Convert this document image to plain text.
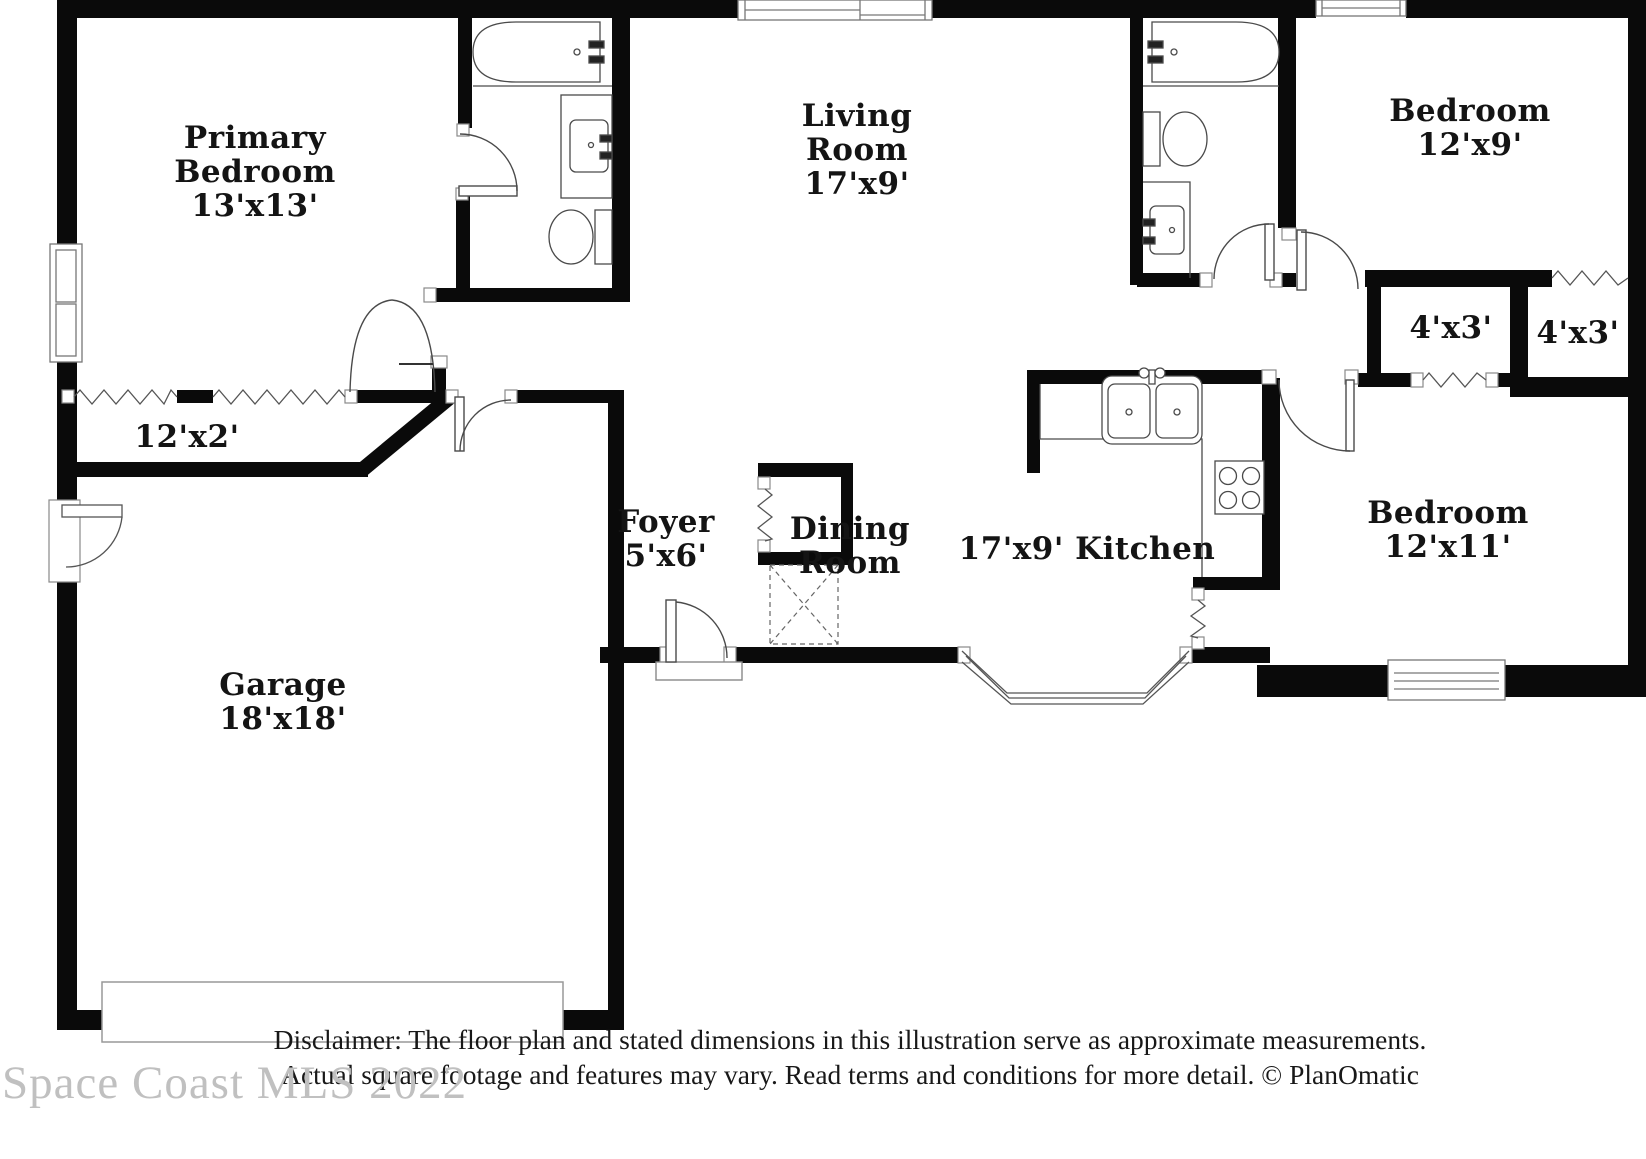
Primary
Bedroom
13'x13'
Living
Room
17'x9'
Bedroom
12'x9'
4'x3' 4'x3'
Bedroom
12'x11'
17'x9' Kitchen
Dining
Room
Foyer
5'x6'
Garage
18'x18'
12'x2'
Disclaimer: The floor plan and stated dimensions in this illustration serve as approximate measurements.
Actual square footage and features may vary. Read terms and conditions for more detail. © PlanOmatic
Space Coast MLS 2022
